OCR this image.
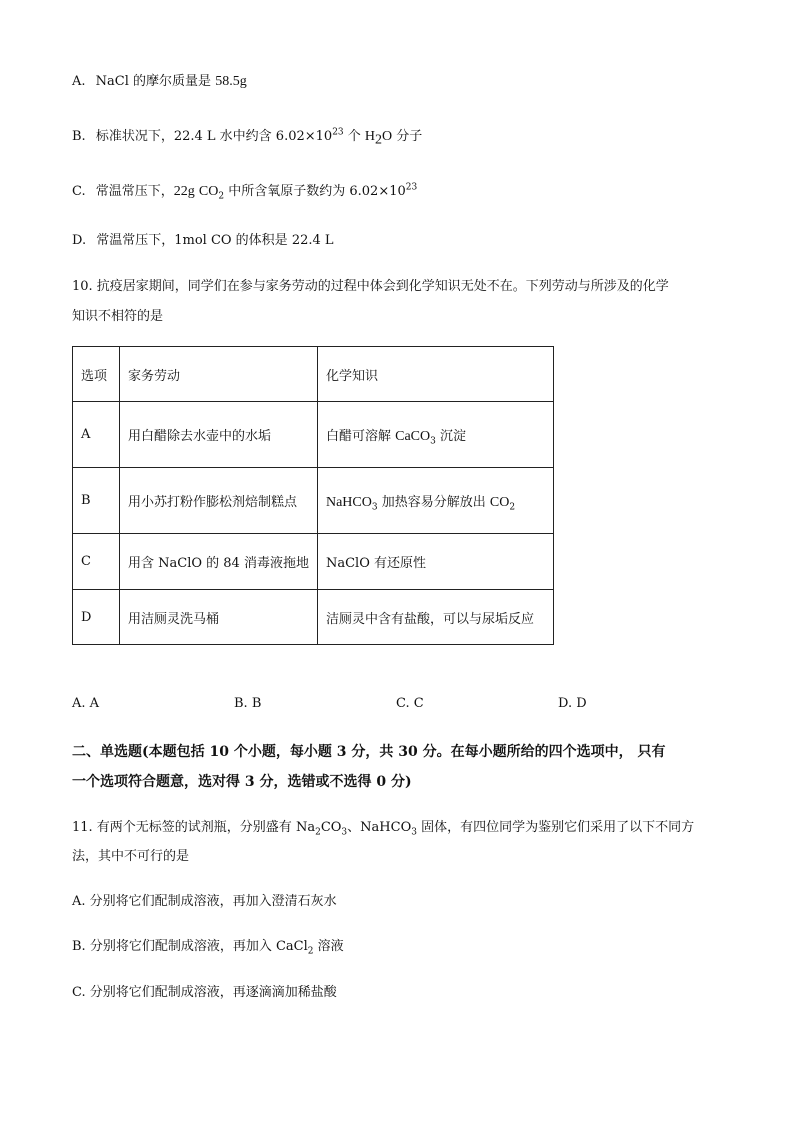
A. NaCl 的摩尔质量是 58.5g
B. 标准状况下，22.4 L 水中约含 $6.02\times 10^{23}$ 个 $H_2O$ 分子
C. 常温常压下，22g $CO_2$ 中所含氧原子数约为 $6.02\times 10^{23}$
D. 常温常压下，1mol CO 的体积是 22.4 L
10. 抗疫居家期间，同学们在参与家务劳动的过程中体会到化学知识无处不在。下列劳动与所涉及的化学
知识不相符的是
选项	家务劳动	化学知识
A	用白醋除去水壶中的水垢	白醋可溶解 CaCO$_3$ 沉淀
B	用小苏打粉作膨松剂焙制糕点	NaHCO$_3$ 加热容易分解放出 $CO_2$
C	用含 NaClO 的 84 消毒液拖地	NaClO 有还原性
D	用洁厕灵洗马桶	洁厕灵中含有盐酸，可以与尿垢反应
A. A	B. B	C. C	D. D
二、单选题(本题包括 10 个小题，每小题 3 分，共 30 分。在每小题所给的四个选项中， 只有
一个选项符合题意，选对得 3 分，选错或不选得 0 分)
11. 有两个无标签的试剂瓶，分别盛有 $Na_2CO_3$、NaHCO$_3$ 固体，有四位同学为鉴别它们采用了以下不同方
法，其中不可行的是
A. 分别将它们配制成溶液，再加入澄清石灰水
B. 分别将它们配制成溶液，再加入 CaCl$_2$ 溶液
C. 分别将它们配制成溶液，再逐滴滴加稀盐酸
